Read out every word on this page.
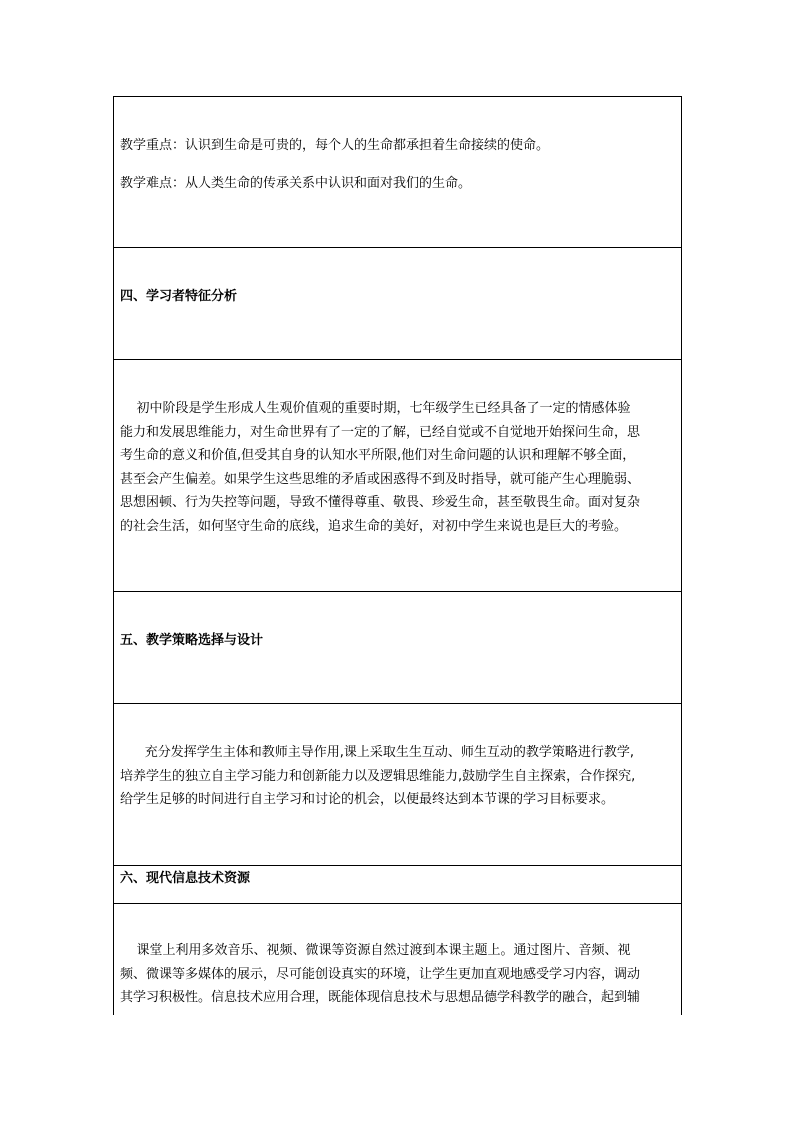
教学重点：认识到生命是可贵的，每个人的生命都承担着生命接续的使命。
教学难点：从人类生命的传承关系中认识和面对我们的生命。
四、学习者特征分析
初中阶段是学生形成人生观价值观的重要时期，七年级学生已经具备了一定的情感体验
能力和发展思维能力，对生命世界有了一定的了解，已经自觉或不自觉地开始探问生命，思
考生命的意义和价值,但受其自身的认知水平所限,他们对生命问题的认识和理解不够全面，
甚至会产生偏差。如果学生这些思维的矛盾或困惑得不到及时指导，就可能产生心理脆弱、
思想困顿、行为失控等问题，导致不懂得尊重、敬畏、珍爱生命，甚至敬畏生命。面对复杂
的社会生活，如何坚守生命的底线，追求生命的美好，对初中学生来说也是巨大的考验。
五、教学策略选择与设计
充分发挥学生主体和教师主导作用,课上采取生生互动、师生互动的教学策略进行教学,
培养学生的独立自主学习能力和创新能力以及逻辑思维能力,鼓励学生自主探索，合作探究,
给学生足够的时间进行自主学习和讨论的机会，以便最终达到本节课的学习目标要求。
六、现代信息技术资源
课堂上利用多效音乐、视频、微课等资源自然过渡到本课主题上。通过图片、音频、视
频、微课等多媒体的展示，尽可能创设真实的环境，让学生更加直观地感受学习内容，调动
其学习积极性。信息技术应用合理，既能体现信息技术与思想品德学科教学的融合，起到辅
